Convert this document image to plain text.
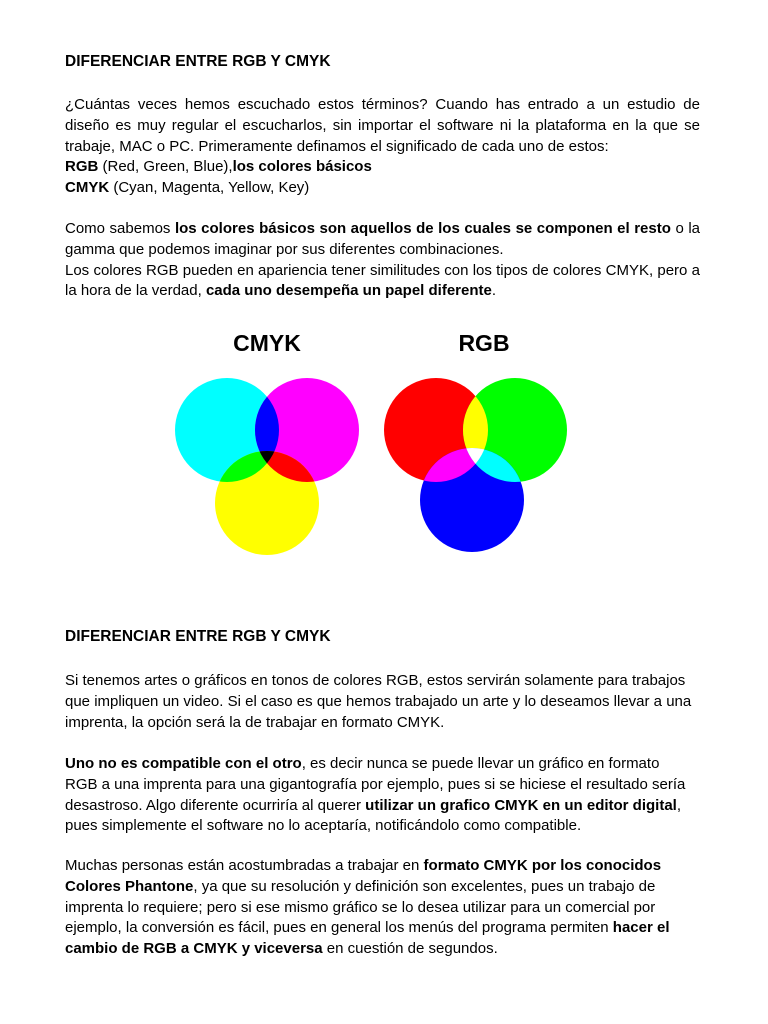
DIFERENCIAR ENTRE RGB Y CMYK

¿Cuántas veces hemos escuchado estos términos? Cuando has entrado a un estudio de diseño es muy regular el escucharlos, sin importar el software ni la plataforma en la que se trabaje, MAC o PC. Primeramente definamos el significado de cada uno de estos:
RGB (Red, Green, Blue),los colores básicos
CMYK (Cyan, Magenta, Yellow, Key)

Como sabemos los colores básicos son aquellos de los cuales se componen el resto o la gamma que podemos imaginar por sus diferentes combinaciones.
Los colores RGB pueden en apariencia tener similitudes con los tipos de colores CMYK, pero a la hora de la verdad, cada uno desempeña un papel diferente.

CMYK	RGB
DIFERENCIAR ENTRE RGB Y CMYK

Si tenemos artes o gráficos en tonos de colores RGB, estos servirán solamente para trabajos que impliquen un video. Si el caso es que hemos trabajado un arte y lo deseamos llevar a una imprenta, la opción será la de trabajar en formato CMYK.

Uno no es compatible con el otro, es decir nunca se puede llevar un gráfico en formato RGB a una imprenta para una gigantografía por ejemplo, pues si se hiciese el resultado sería desastroso. Algo diferente ocurriría al querer utilizar un grafico CMYK en un editor digital, pues simplemente el software no lo aceptaría, notificándolo como compatible.

Muchas personas están acostumbradas a trabajar en formato CMYK por los conocidos Colores Phantone, ya que su resolución y definición son excelentes, pues un trabajo de imprenta lo requiere; pero si ese mismo gráfico se lo desea utilizar para un comercial por ejemplo, la conversión es fácil, pues en general los menús del programa permiten hacer el cambio de RGB a CMYK y viceversa en cuestión de segundos.
